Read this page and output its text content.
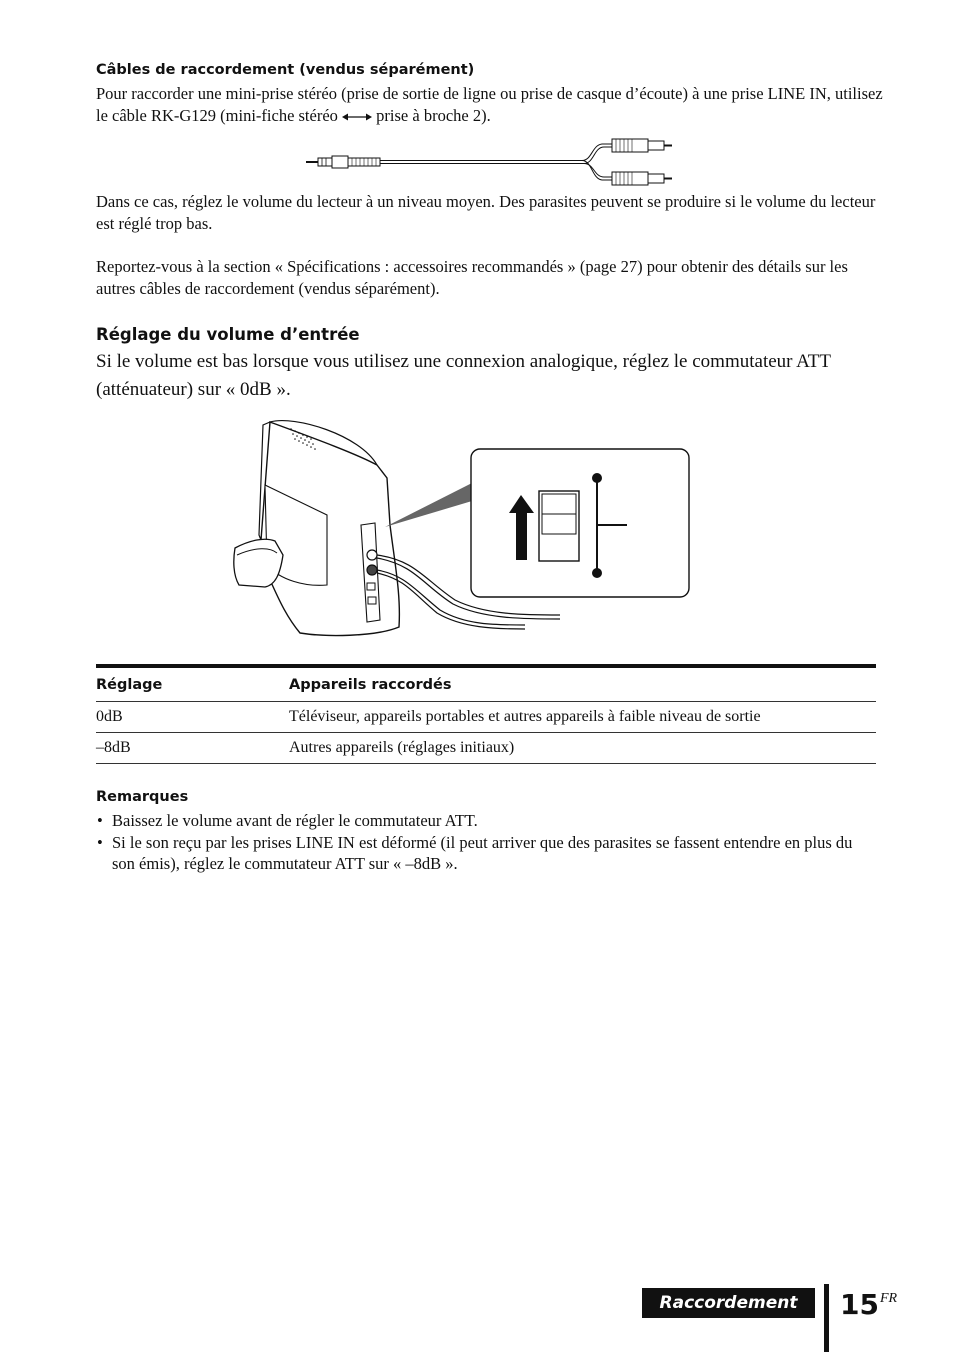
Câbles de raccordement (vendus séparément)
Pour raccorder une mini-prise stéréo (prise de sortie de ligne ou prise de casque d’écoute) à une prise LINE IN, utilisez le câble RK-G129 (mini-fiche stéréo  prise à broche 2).
Dans ce cas, réglez le volume du lecteur à un niveau moyen. Des parasites peuvent se produire si le volume du lecteur est réglé trop bas.
Reportez-vous à la section « Spécifications : accessoires recommandés » (page 27) pour obtenir des détails sur les autres câbles de raccordement (vendus séparément).
Réglage du volume d’entrée
Si le volume est bas lorsque vous utilisez une connexion analogique, réglez le commutateur ATT (atténuateur) sur « 0dB ».
Réglage	Appareils raccordés
0dB	Téléviseur, appareils portables et autres appareils à faible niveau de sortie
–8dB	Autres appareils (réglages initiaux)
Remarques
• Baissez le volume avant de régler le commutateur ATT.
• Si le son reçu par les prises LINE IN est déformé (il peut arriver que des parasites se fassent entendre en plus du son émis), réglez le commutateur ATT sur « –8dB ».
Raccordement	$15^{FR}$
